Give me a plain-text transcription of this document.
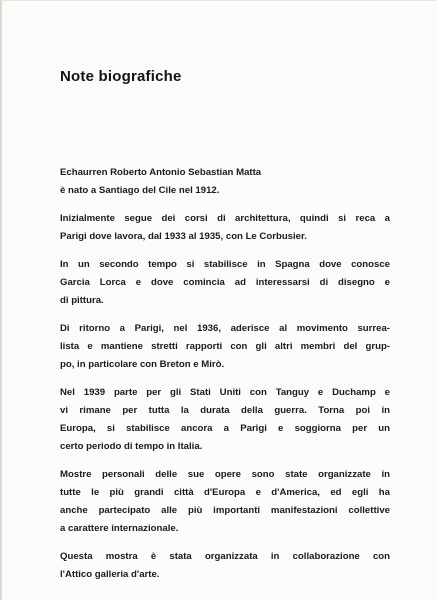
Note biografiche
Echaurren Roberto Antonio Sebastian Matta
è nato a Santiago del Cile nel 1912.
Inizialmente segue dei corsi di architettura, quindi si reca a
Parigi dove lavora, dal 1933 al 1935, con Le Corbusier.
In un secondo tempo si stabilisce in Spagna dove conosce
Garcia Lorca e dove comincia ad interessarsi di disegno e
di pittura.
Di ritorno a Parigi, nel 1936, aderisce al movimento surrea-
lista e mantiene stretti rapporti con gli altri membri del grup-
po, in particolare con Breton e Mirò.
Nel 1939 parte per gli Stati Uniti con Tanguy e Duchamp e
vi rimane per tutta la durata della guerra. Torna poi in
Europa, si stabilisce ancora a Parigi e soggiorna per un
certo periodo di tempo in Italia.
Mostre personali delle sue opere sono state organizzate in
tutte le più grandi città d'Europa e d'America, ed egli ha
anche partecipato alle più importanti manifestazioni collettive
a carattere internazionale.
Questa mostra è stata organizzata in collaborazione con
l'Attico galleria d'arte.
